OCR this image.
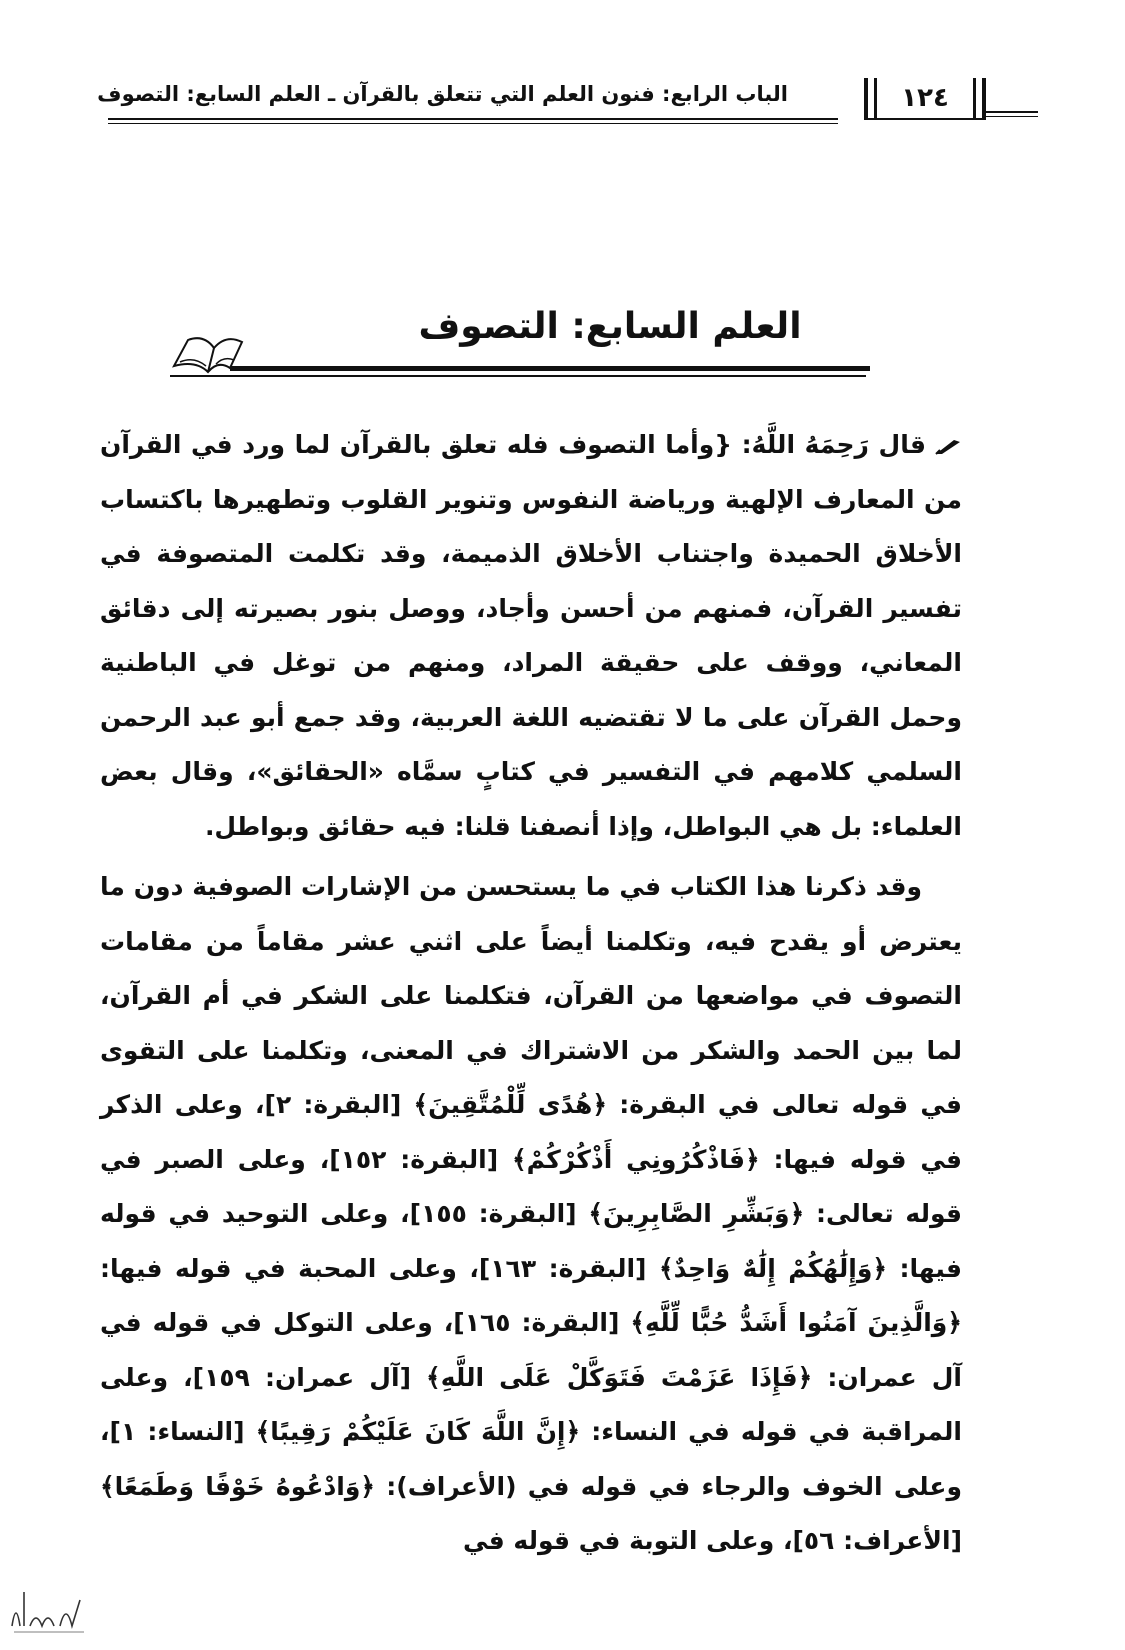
الباب الرابع: فنون العلم التي تتعلق بالقرآن ـ العلم السابع: التصوف	١٢٤
العلم السابع: التصوف

قال رَحِمَهُ اللَّهُ: {وأما التصوف فله تعلق بالقرآن لما ورد في القرآن من المعارف الإلهية ورياضة النفوس وتنوير القلوب وتطهيرها باكتساب الأخلاق الحميدة واجتناب الأخلاق الذميمة، وقد تكلمت المتصوفة في تفسير القرآن، فمنهم من أحسن وأجاد، ووصل بنور بصيرته إلى دقائق المعاني، ووقف على حقيقة المراد، ومنهم من توغل في الباطنية وحمل القرآن على ما لا تقتضيه اللغة العربية، وقد جمع أبو عبد الرحمن السلمي كلامهم في التفسير في كتابٍ سمَّاه «الحقائق»، وقال بعض العلماء: بل هي البواطل، وإذا أنصفنا قلنا: فيه حقائق وبواطل.

وقد ذكرنا هذا الكتاب في ما يستحسن من الإشارات الصوفية دون ما يعترض أو يقدح فيه، وتكلمنا أيضاً على اثني عشر مقاماً من مقامات التصوف في مواضعها من القرآن، فتكلمنا على الشكر في أم القرآن، لما بين الحمد والشكر من الاشتراك في المعنى، وتكلمنا على التقوى في قوله تعالى في البقرة: ﴿هُدًى لِّلْمُتَّقِينَ﴾ [البقرة: ٢]، وعلى الذكر في قوله فيها: ﴿فَاذْكُرُونِي أَذْكُرْكُمْ﴾ [البقرة: ١٥٢]، وعلى الصبر في قوله تعالى: ﴿وَبَشِّرِ الصَّابِرِينَ﴾ [البقرة: ١٥٥]، وعلى التوحيد في قوله فيها: ﴿وَإِلَٰهُكُمْ إِلَٰهٌ وَاحِدٌ﴾ [البقرة: ١٦٣]، وعلى المحبة في قوله فيها: ﴿وَالَّذِينَ آمَنُوا أَشَدُّ حُبًّا لِّلَّهِ﴾ [البقرة: ١٦٥]، وعلى التوكل في قوله في آل عمران: ﴿فَإِذَا عَزَمْتَ فَتَوَكَّلْ عَلَى اللَّهِ﴾ [آل عمران: ١٥٩]، وعلى المراقبة في قوله في النساء: ﴿إِنَّ اللَّهَ كَانَ عَلَيْكُمْ رَقِيبًا﴾ [النساء: ١]، وعلى الخوف والرجاء في قوله في (الأعراف): ﴿وَادْعُوهُ خَوْفًا وَطَمَعًا﴾ [الأعراف: ٥٦]، وعلى التوبة في قوله في
